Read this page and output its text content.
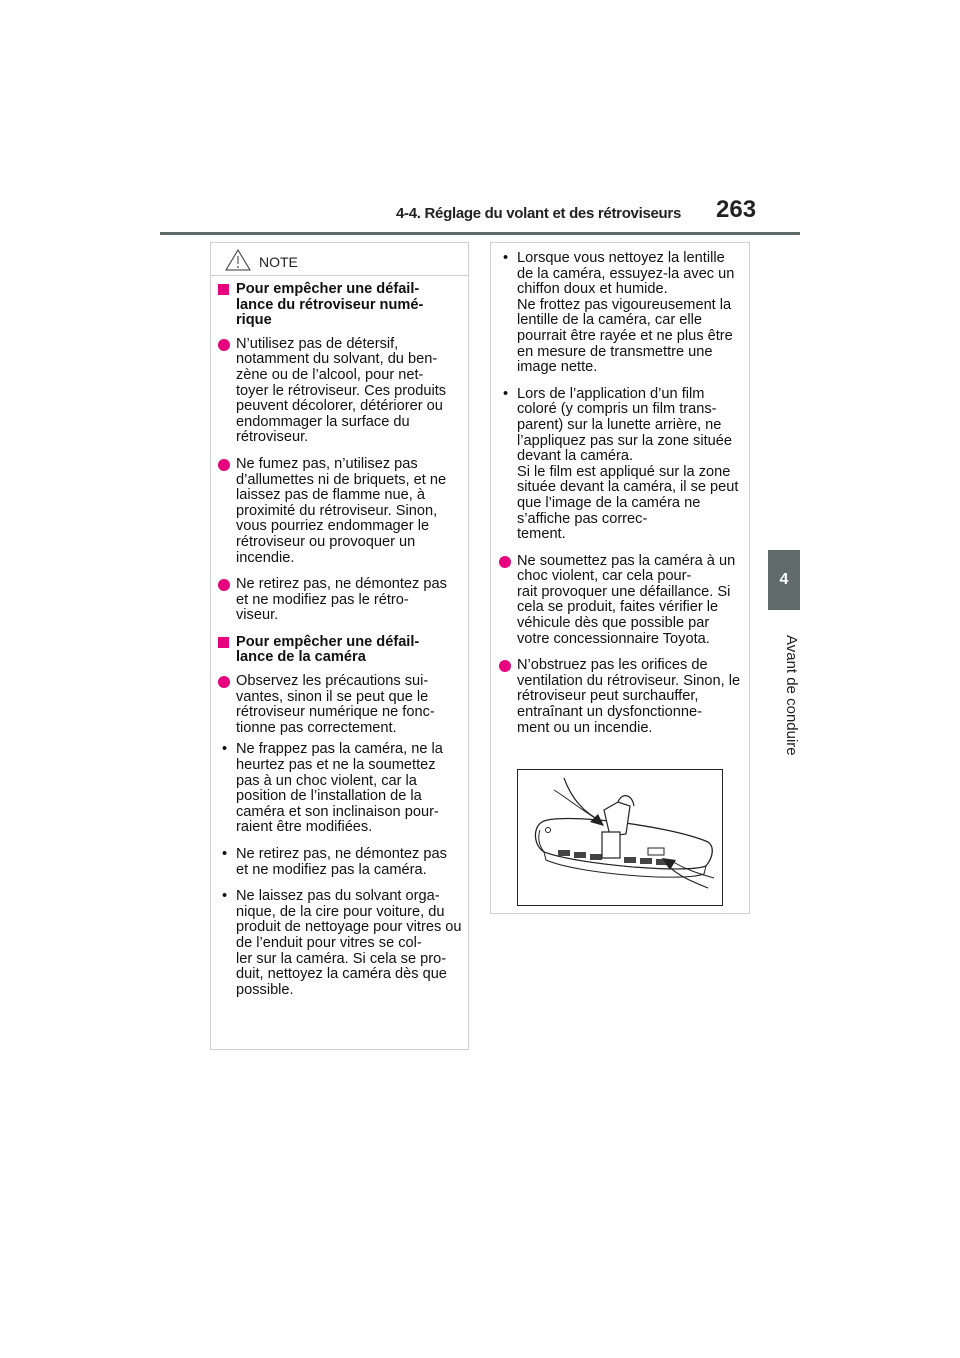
4-4. Réglage du volant et des rétroviseurs 263
4
Avant de conduire
NOTE

Pour empêcher une défail-
lance du rétroviseur numé-
rique

N’utilisez pas de détersif, notamment du solvant, du ben-
zène ou de l’alcool, pour net-
toyer le rétroviseur. Ces produits peuvent décolorer, détériorer ou endommager la surface du rétroviseur.

Ne fumez pas, n’utilisez pas d’allumettes ni de briquets, et ne laissez pas de flamme nue, à proximité du rétroviseur. Sinon, vous pourriez endommager le rétroviseur ou provoquer un incendie.

Ne retirez pas, ne démontez pas et ne modifiez pas le rétro-
viseur.

Pour empêcher une défail-
lance de la caméra

Observez les précautions sui-
vantes, sinon il se peut que le rétroviseur numérique ne fonc-
tionne pas correctement.

• Ne frappez pas la caméra, ne la heurtez pas et ne la soumettez pas à un choc violent, car la position de l’installation de la caméra et son inclinaison pour-
raient être modifiées.

• Ne retirez pas, ne démontez pas et ne modifiez pas la caméra.

• Ne laissez pas du solvant orga-
nique, de la cire pour voiture, du produit de nettoyage pour vitres ou de l’enduit pour vitres se col-
ler sur la caméra. Si cela se pro-
duit, nettoyez la caméra dès que possible.

• Lorsque vous nettoyez la lentille de la caméra, essuyez-la avec un chiffon doux et humide.
Ne frottez pas vigoureusement la lentille de la caméra, car elle pourrait être rayée et ne plus être en mesure de transmettre une image nette.

• Lors de l’application d’un film coloré (y compris un film trans-
parent) sur la lunette arrière, ne l’appliquez pas sur la zone située devant la caméra.
Si le film est appliqué sur la zone située devant la caméra, il se peut que l’image de la caméra ne s’affiche pas correc-
tement.

Ne soumettez pas la caméra à un choc violent, car cela pour-
rait provoquer une défaillance. Si cela se produit, faites vérifier le véhicule dès que possible par votre concessionnaire Toyota.

N’obstruez pas les orifices de ventilation du rétroviseur. Sinon, le rétroviseur peut surchauffer, entraînant un dysfonctionne-
ment ou un incendie.
